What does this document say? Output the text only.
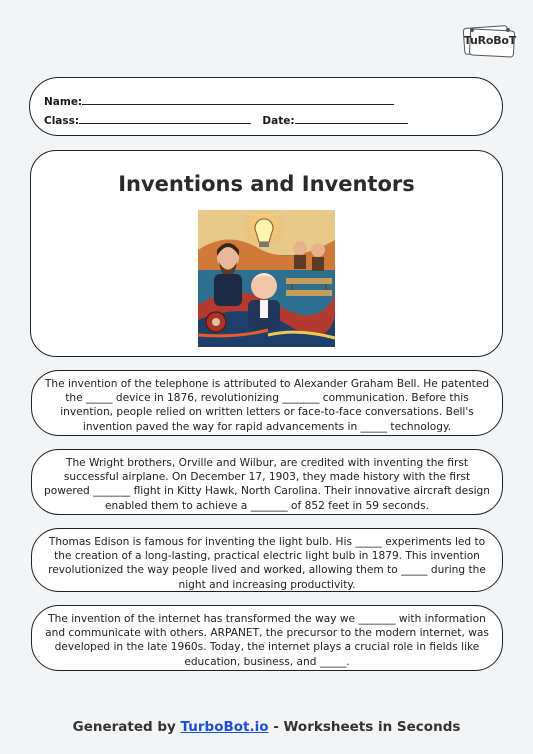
TuRoBoT
Name:
Class:	Date:
Inventions and Inventors
The invention of the telephone is attributed to Alexander Graham Bell. He patented the _____ device in 1876, revolutionizing _______ communication. Before this invention, people relied on written letters or face-to-face conversations. Bell's invention paved the way for rapid advancements in _____ technology.
The Wright brothers, Orville and Wilbur, are credited with inventing the first successful airplane. On December 17, 1903, they made history with the first powered _______ flight in Kitty Hawk, North Carolina. Their innovative aircraft design enabled them to achieve a _______ of 852 feet in 59 seconds.
Thomas Edison is famous for inventing the light bulb. His _____ experiments led to the creation of a long-lasting, practical electric light bulb in 1879. This invention revolutionized the way people lived and worked, allowing them to _____ during the night and increasing productivity.
The invention of the internet has transformed the way we _______ with information and communicate with others. ARPANET, the precursor to the modern internet, was developed in the late 1960s. Today, the internet plays a crucial role in fields like education, business, and _____.
Generated by TurboBot.io - Worksheets in Seconds
